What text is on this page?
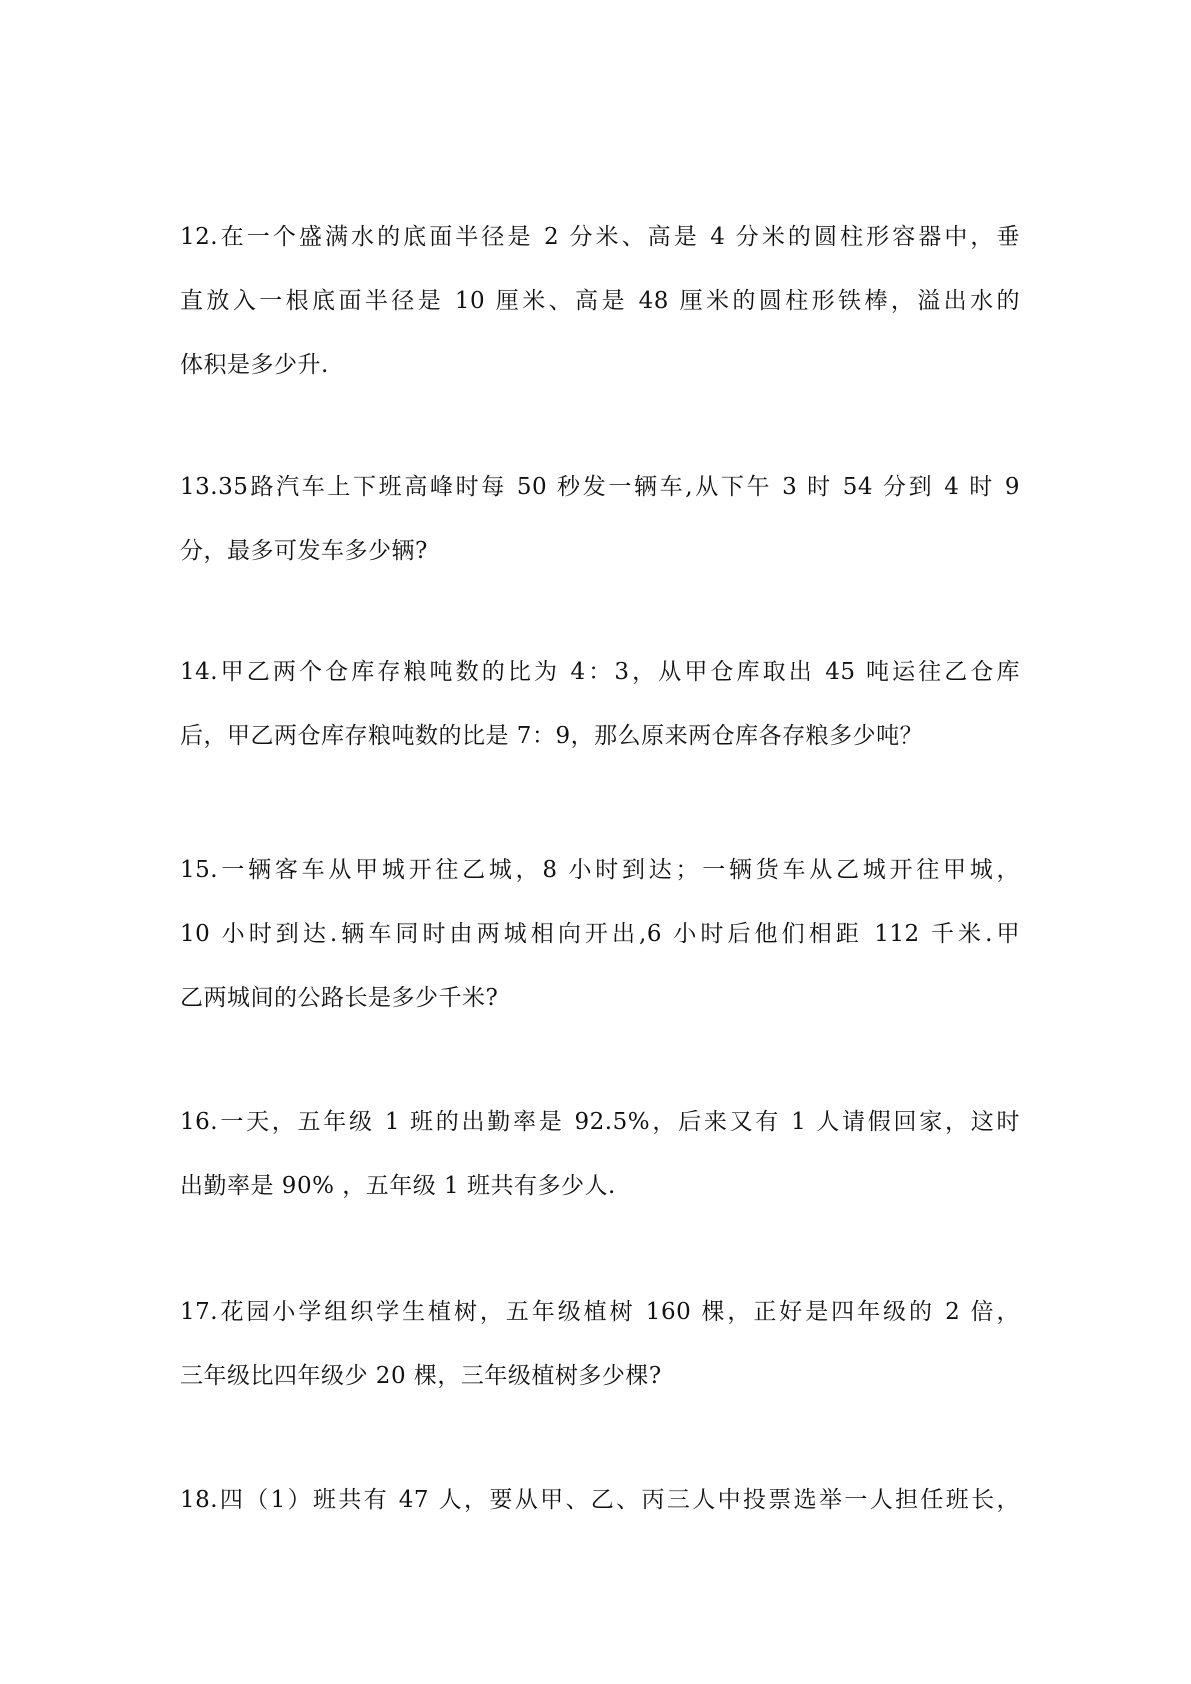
12.在一个盛满水的底面半径是 2 分米、高是 4 分米的圆柱形容器中，垂
直放入一根底面半径是 10 厘米、高是 48 厘米的圆柱形铁棒，溢出水的
体积是多少升.
13.35路汽车上下班高峰时每 50 秒发一辆车,从下午 3 时 54 分到 4 时 9
分，最多可发车多少辆?
14.甲乙两个仓库存粮吨数的比为 4：3，从甲仓库取出 45 吨运往乙仓库
后，甲乙两仓库存粮吨数的比是 7：9，那么原来两仓库各存粮多少吨？
15.一辆客车从甲城开往乙城，8 小时到达；一辆货车从乙城开往甲城，
10 小时到达.辆车同时由两城相向开出,6 小时后他们相距 112 千米.甲
乙两城间的公路长是多少千米?
16.一天，五年级 1 班的出勤率是 92.5%，后来又有 1 人请假回家，这时
出勤率是 90% ，五年级 1 班共有多少人.
17.花园小学组织学生植树，五年级植树 160 棵，正好是四年级的 2 倍，
三年级比四年级少 20 棵，三年级植树多少棵?
18.四（1）班共有 47 人，要从甲、乙、丙三人中投票选举一人担任班长，
